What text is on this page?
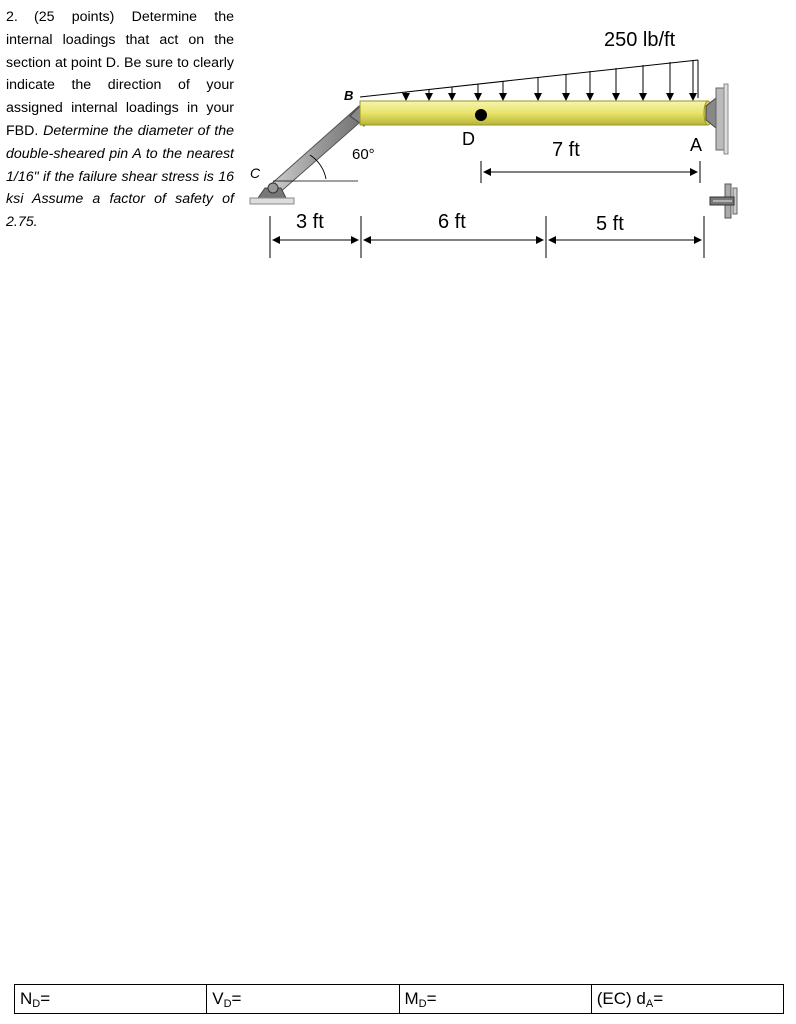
2. (25 points) Determine the internal loadings that act on the section at point D. Be sure to clearly indicate the direction of your assigned internal loadings in your FBD. Determine the diameter of the double-sheared pin A to the nearest 1/16" if the failure shear stress is 16 ksi Assume a factor of safety of 2.75.

250 lb/ft
C
60°
B
A
D	7 ft
3 ft	6 ft	5 ft
$N_D=$	$V_D=$	$M_D=$	(EC) $d_A=$
